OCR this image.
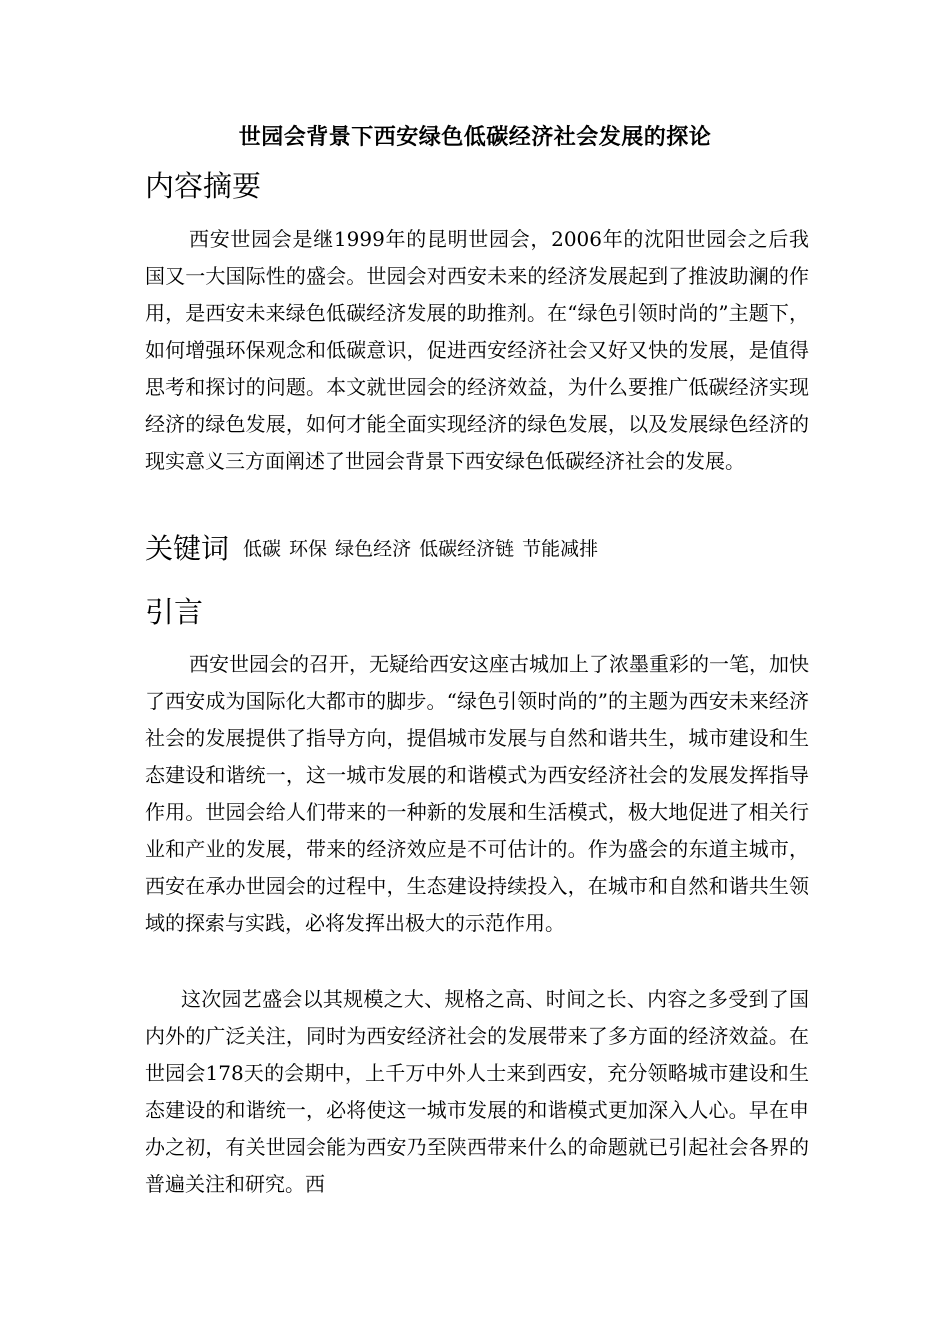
世园会背景下西安绿色低碳经济社会发展的探论
内容摘要

西安世园会是继1999年的昆明世园会，2006年的沈阳世园会之后我国又一大国际性的盛会。世园会对西安未来的经济发展起到了推波助澜的作用，是西安未来绿色低碳经济发展的助推剂。在“绿色引领时尚的”主题下，如何增强环保观念和低碳意识，促进西安经济社会又好又快的发展，是值得思考和探讨的问题。本文就世园会的经济效益，为什么要推广低碳经济实现经济的绿色发展，如何才能全面实现经济的绿色发展，以及发展绿色经济的现实意义三方面阐述了世园会背景下西安绿色低碳经济社会的发展。

关键词 低碳 环保 绿色经济 低碳经济链 节能减排
引言

西安世园会的召开，无疑给西安这座古城加上了浓墨重彩的一笔，加快了西安成为国际化大都市的脚步。“绿色引领时尚的”的主题为西安未来经济社会的发展提供了指导方向，提倡城市发展与自然和谐共生，城市建设和生态建设和谐统一，这一城市发展的和谐模式为西安经济社会的发展发挥指导作用。世园会给人们带来的一种新的发展和生活模式，极大地促进了相关行业和产业的发展，带来的经济效应是不可估计的。作为盛会的东道主城市，西安在承办世园会的过程中，生态建设持续投入，在城市和自然和谐共生领域的探索与实践，必将发挥出极大的示范作用。

这次园艺盛会以其规模之大、规格之高、时间之长、内容之多受到了国内外的广泛关注，同时为西安经济社会的发展带来了多方面的经济效益。在世园会178天的会期中，上千万中外人士来到西安，充分领略城市建设和生态建设的和谐统一，必将使这一城市发展的和谐模式更加深入人心。早在申办之初，有关世园会能为西安乃至陕西带来什么的命题就已引起社会各界的普遍关注和研究。西
